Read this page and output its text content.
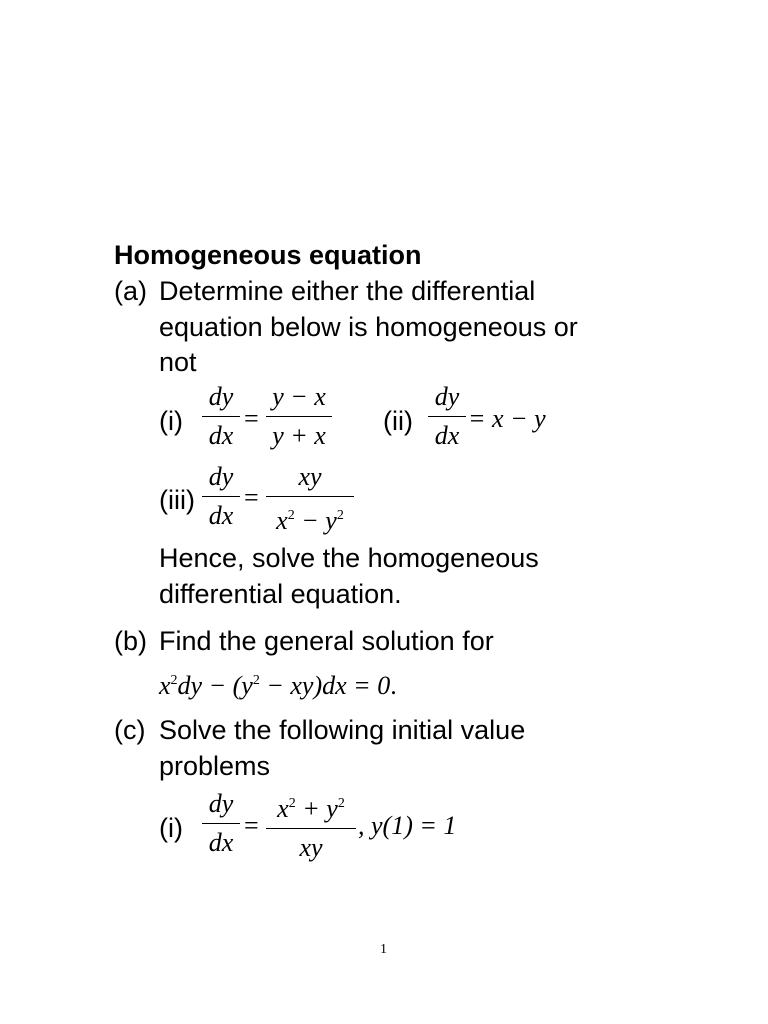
Homogeneous equation
(a) Determine either the differential
equation below is homogeneous or
not
(i)
dy
dx
=
y − x
y + x (ii)
dy
dx
= x − y
(iii)
dy
dx
=
xy
$x^2 - y^2$
Hence, solve the homogeneous
differential equation.
(b) Find the general solution for
$x^2dy - (y^2 - xy)dx = 0$.
(c) Solve the following initial value
problems
(i)
dy
dx
=
$x^2 + y^2$
xy
, y(1) = 1
1
